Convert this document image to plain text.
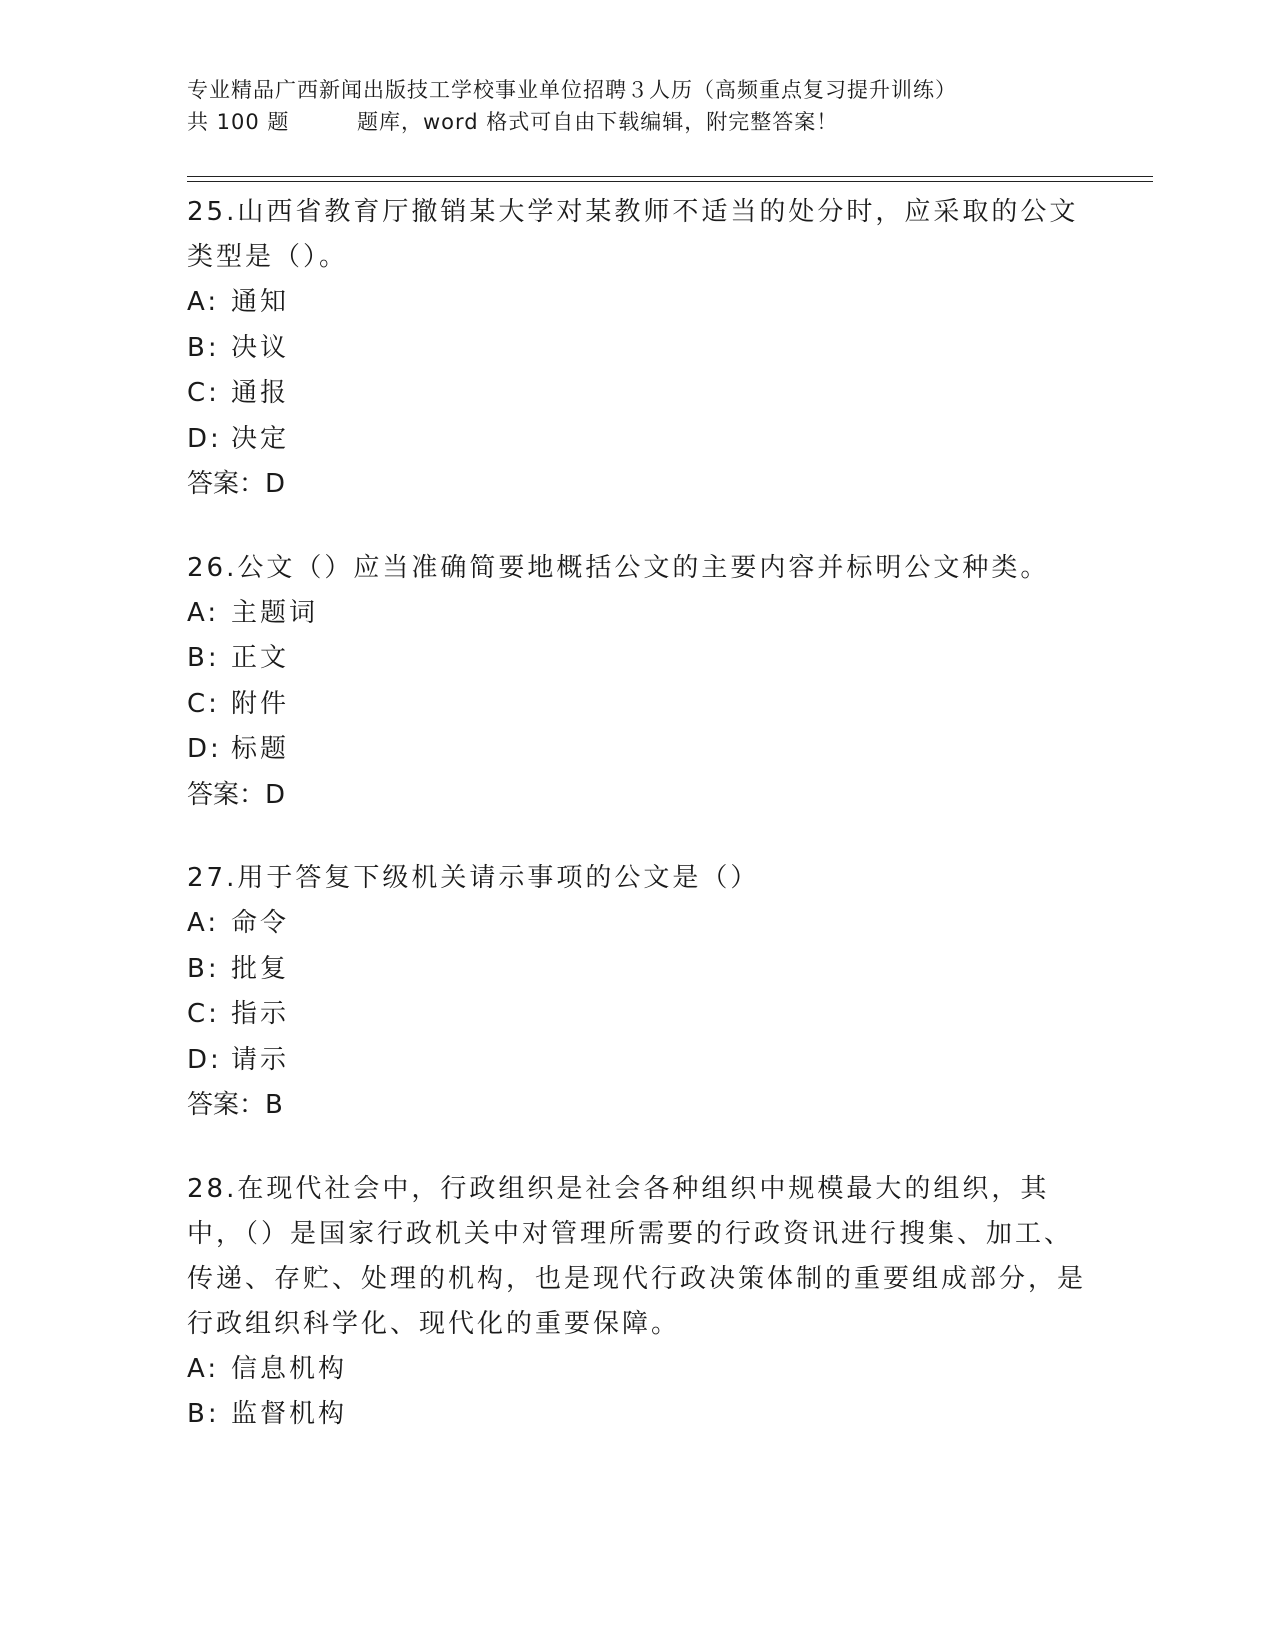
专业精品广西新闻出版技工学校事业单位招聘３人历（高频重点复习提升训练）
共 100 题	题库，word 格式可自由下载编辑，附完整答案！

25.山西省教育厅撤销某大学对某教师不适当的处分时，应采取的公文类型是（）。

A: 通知
B: 决议
C: 通报
D: 决定
答案：D

26.公文（）应当准确简要地概括公文的主要内容并标明公文种类。

A: 主题词
B: 正文
C: 附件
D: 标题
答案：D

27.用于答复下级机关请示事项的公文是（）

A: 命令
B: 批复
C: 指示
D: 请示
答案：B

28.在现代社会中，行政组织是社会各种组织中规模最大的组织，其中，（）是国家行政机关中对管理所需要的行政资讯进行搜集、加工、传递、存贮、处理的机构，也是现代行政决策体制的重要组成部分，是行政组织科学化、现代化的重要保障。

A: 信息机构
B: 监督机构
